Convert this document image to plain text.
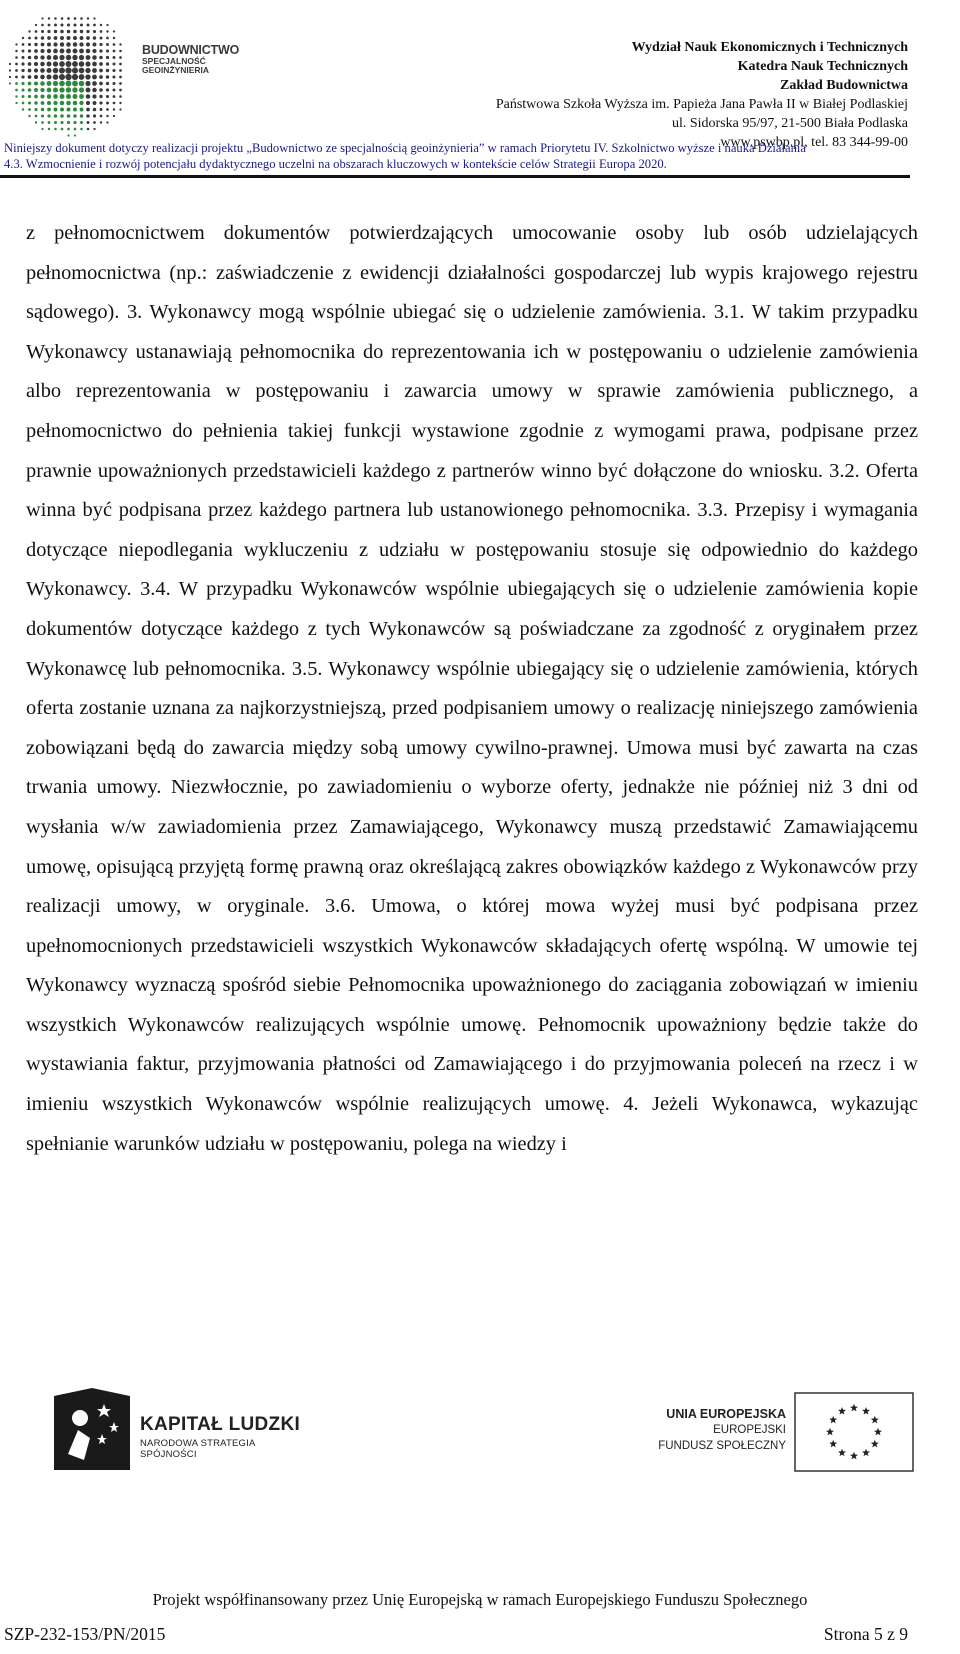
BUDOWNICTWO
SPECJALNOŚĆ
GEOINŻYNIERIA
Wydział Nauk Ekonomicznych i Technicznych
Katedra Nauk Technicznych
Zakład Budownictwa
Państwowa Szkoła Wyższa im. Papieża Jana Pawła II w Białej Podlaskiej
ul. Sidorska 95/97, 21-500 Biała Podlaska
www.pswbp.pl, tel. 83 344-99-00
Niniejszy dokument dotyczy realizacji projektu „Budownictwo ze specjalnością geoinżynieria” w ramach Priorytetu IV. Szkolnictwo wyższe i nauka Działania
4.3. Wzmocnienie i rozwój potencjału dydaktycznego uczelni na obszarach kluczowych w kontekście celów Strategii Europa 2020.

z pełnomocnictwem dokumentów potwierdzających umocowanie osoby lub osób udzielających pełnomocnictwa (np.: zaświadczenie z ewidencji działalności gospodarczej lub wypis krajowego rejestru sądowego). 3. Wykonawcy mogą wspólnie ubiegać się o udzielenie zamówienia. 3.1. W takim przypadku Wykonawcy ustanawiają pełnomocnika do reprezentowania ich w postępowaniu o udzielenie zamówienia albo reprezentowania w postępowaniu i zawarcia umowy w sprawie zamówienia publicznego, a pełnomocnictwo do pełnienia takiej funkcji wystawione zgodnie z wymogami prawa, podpisane przez prawnie upoważnionych przedstawicieli każdego z partnerów winno być dołączone do wniosku. 3.2. Oferta winna być podpisana przez każdego partnera lub ustanowionego pełnomocnika. 3.3. Przepisy i wymagania dotyczące niepodlegania wykluczeniu z udziału w postępowaniu stosuje się odpowiednio do każdego Wykonawcy. 3.4. W przypadku Wykonawców wspólnie ubiegających się o udzielenie zamówienia kopie dokumentów dotyczące każdego z tych Wykonawców są poświadczane za zgodność z oryginałem przez Wykonawcę lub pełnomocnika. 3.5. Wykonawcy wspólnie ubiegający się o udzielenie zamówienia, których oferta zostanie uznana za najkorzystniejszą, przed podpisaniem umowy o realizację niniejszego zamówienia zobowiązani będą do zawarcia między sobą umowy cywilno-prawnej. Umowa musi być zawarta na czas trwania umowy. Niezwłocznie, po zawiadomieniu o wyborze oferty, jednakże nie później niż 3 dni od wysłania w/w zawiadomienia przez Zamawiającego, Wykonawcy muszą przedstawić Zamawiającemu umowę, opisującą przyjętą formę prawną oraz określającą zakres obowiązków każdego z Wykonawców przy realizacji umowy, w oryginale. 3.6. Umowa, o której mowa wyżej musi być podpisana przez upełnomocnionych przedstawicieli wszystkich Wykonawców składających ofertę wspólną. W umowie tej Wykonawcy wyznaczą spośród siebie Pełnomocnika upoważnionego do zaciągania zobowiązań w imieniu wszystkich Wykonawców realizujących wspólnie umowę. Pełnomocnik upoważniony będzie także do wystawiania faktur, przyjmowania płatności od Zamawiającego i do przyjmowania poleceń na rzecz i w imieniu wszystkich Wykonawców wspólnie realizujących umowę. 4. Jeżeli Wykonawca, wykazując spełnianie warunków udziału w postępowaniu, polega na wiedzy i

KAPITAŁ LUDZKI
NARODOWA STRATEGIA SPÓJNOŚCI
UNIA EUROPEJSKA
EUROPEJSKI
FUNDUSZ SPOŁECZNY
Projekt współfinansowany przez Unię Europejską w ramach Europejskiego Funduszu Społecznego
SZP-232-153/PN/2015	Strona 5 z 9
